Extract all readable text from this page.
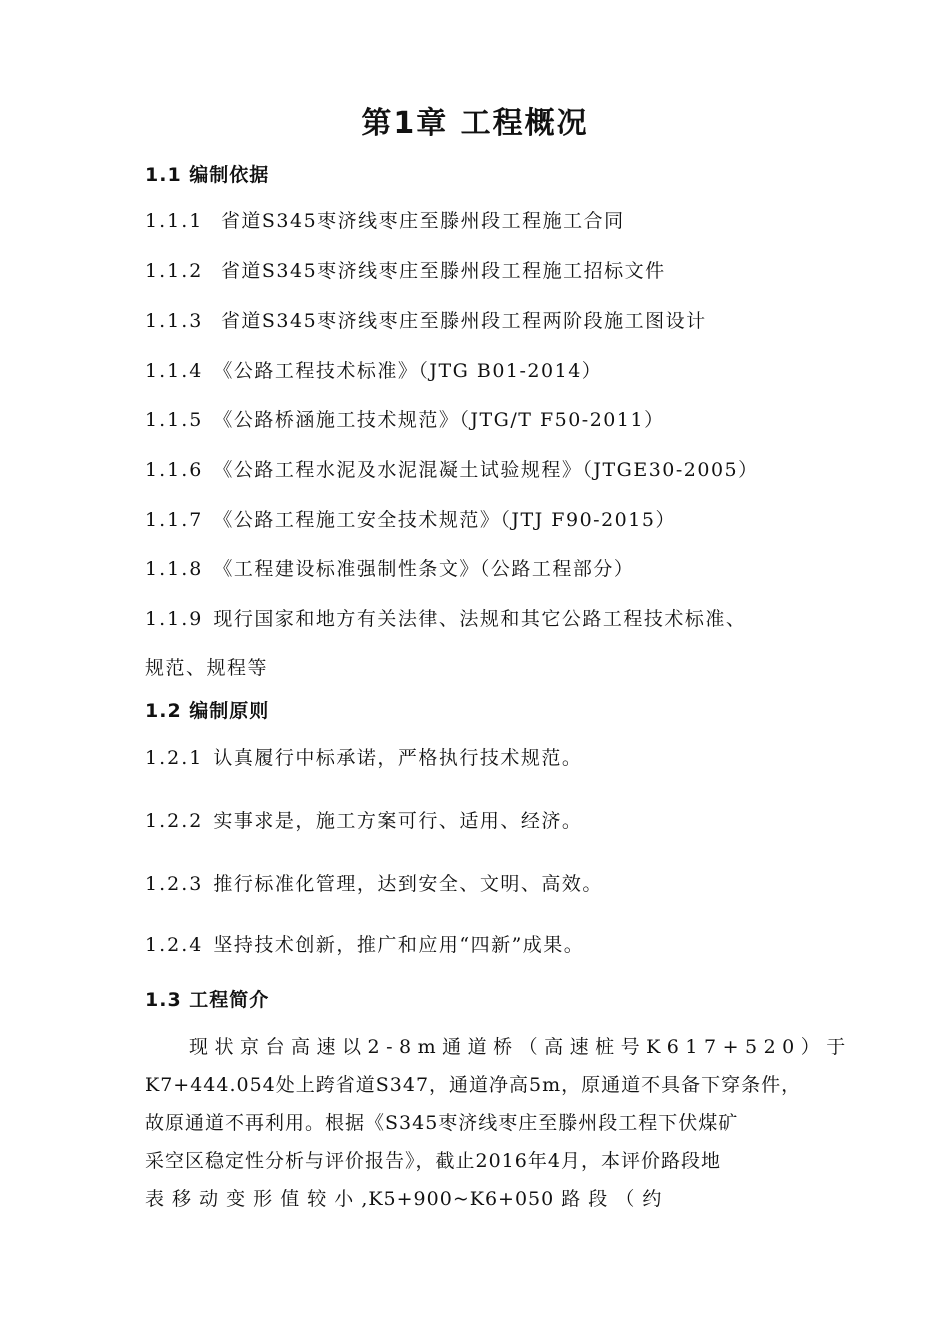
第1章 工程概况
1.1 编制依据
1.1.1 省道S345枣济线枣庄至滕州段工程施工合同
1.1.2 省道S345枣济线枣庄至滕州段工程施工招标文件
1.1.3 省道S345枣济线枣庄至滕州段工程两阶段施工图设计
1.1.4 《公路工程技术标准》（JTG B01-2014）
1.1.5 《公路桥涵施工技术规范》（JTG/T F50-2011）
1.1.6 《公路工程水泥及水泥混凝土试验规程》（JTGE30-2005）
1.1.7 《公路工程施工安全技术规范》（JTJ F90-2015）
1.1.8 《工程建设标准强制性条文》（公路工程部分）
1.1.9 现行国家和地方有关法律、法规和其它公路工程技术标准、
规范、规程等
1.2 编制原则
1.2.1 认真履行中标承诺，严格执行技术规范。
1.2.2 实事求是，施工方案可行、适用、经济。
1.2.3 推行标准化管理，达到安全、文明、高效。
1.2.4 坚持技术创新，推广和应用“四新”成果。
1.3 工程简介
现状京台高速以2-8m通道桥（高速桩号K617+520）于
K7+444.054处上跨省道S347，通道净高5m，原通道不具备下穿条件，
故原通道不再利用。根据《S345枣济线枣庄至滕州段工程下伏煤矿
采空区稳定性分析与评价报告》，截止2016年4月，本评价路段地
表 移 动 变 形 值 较 小 ,K5+900~K6+050 路 段 （ 约
